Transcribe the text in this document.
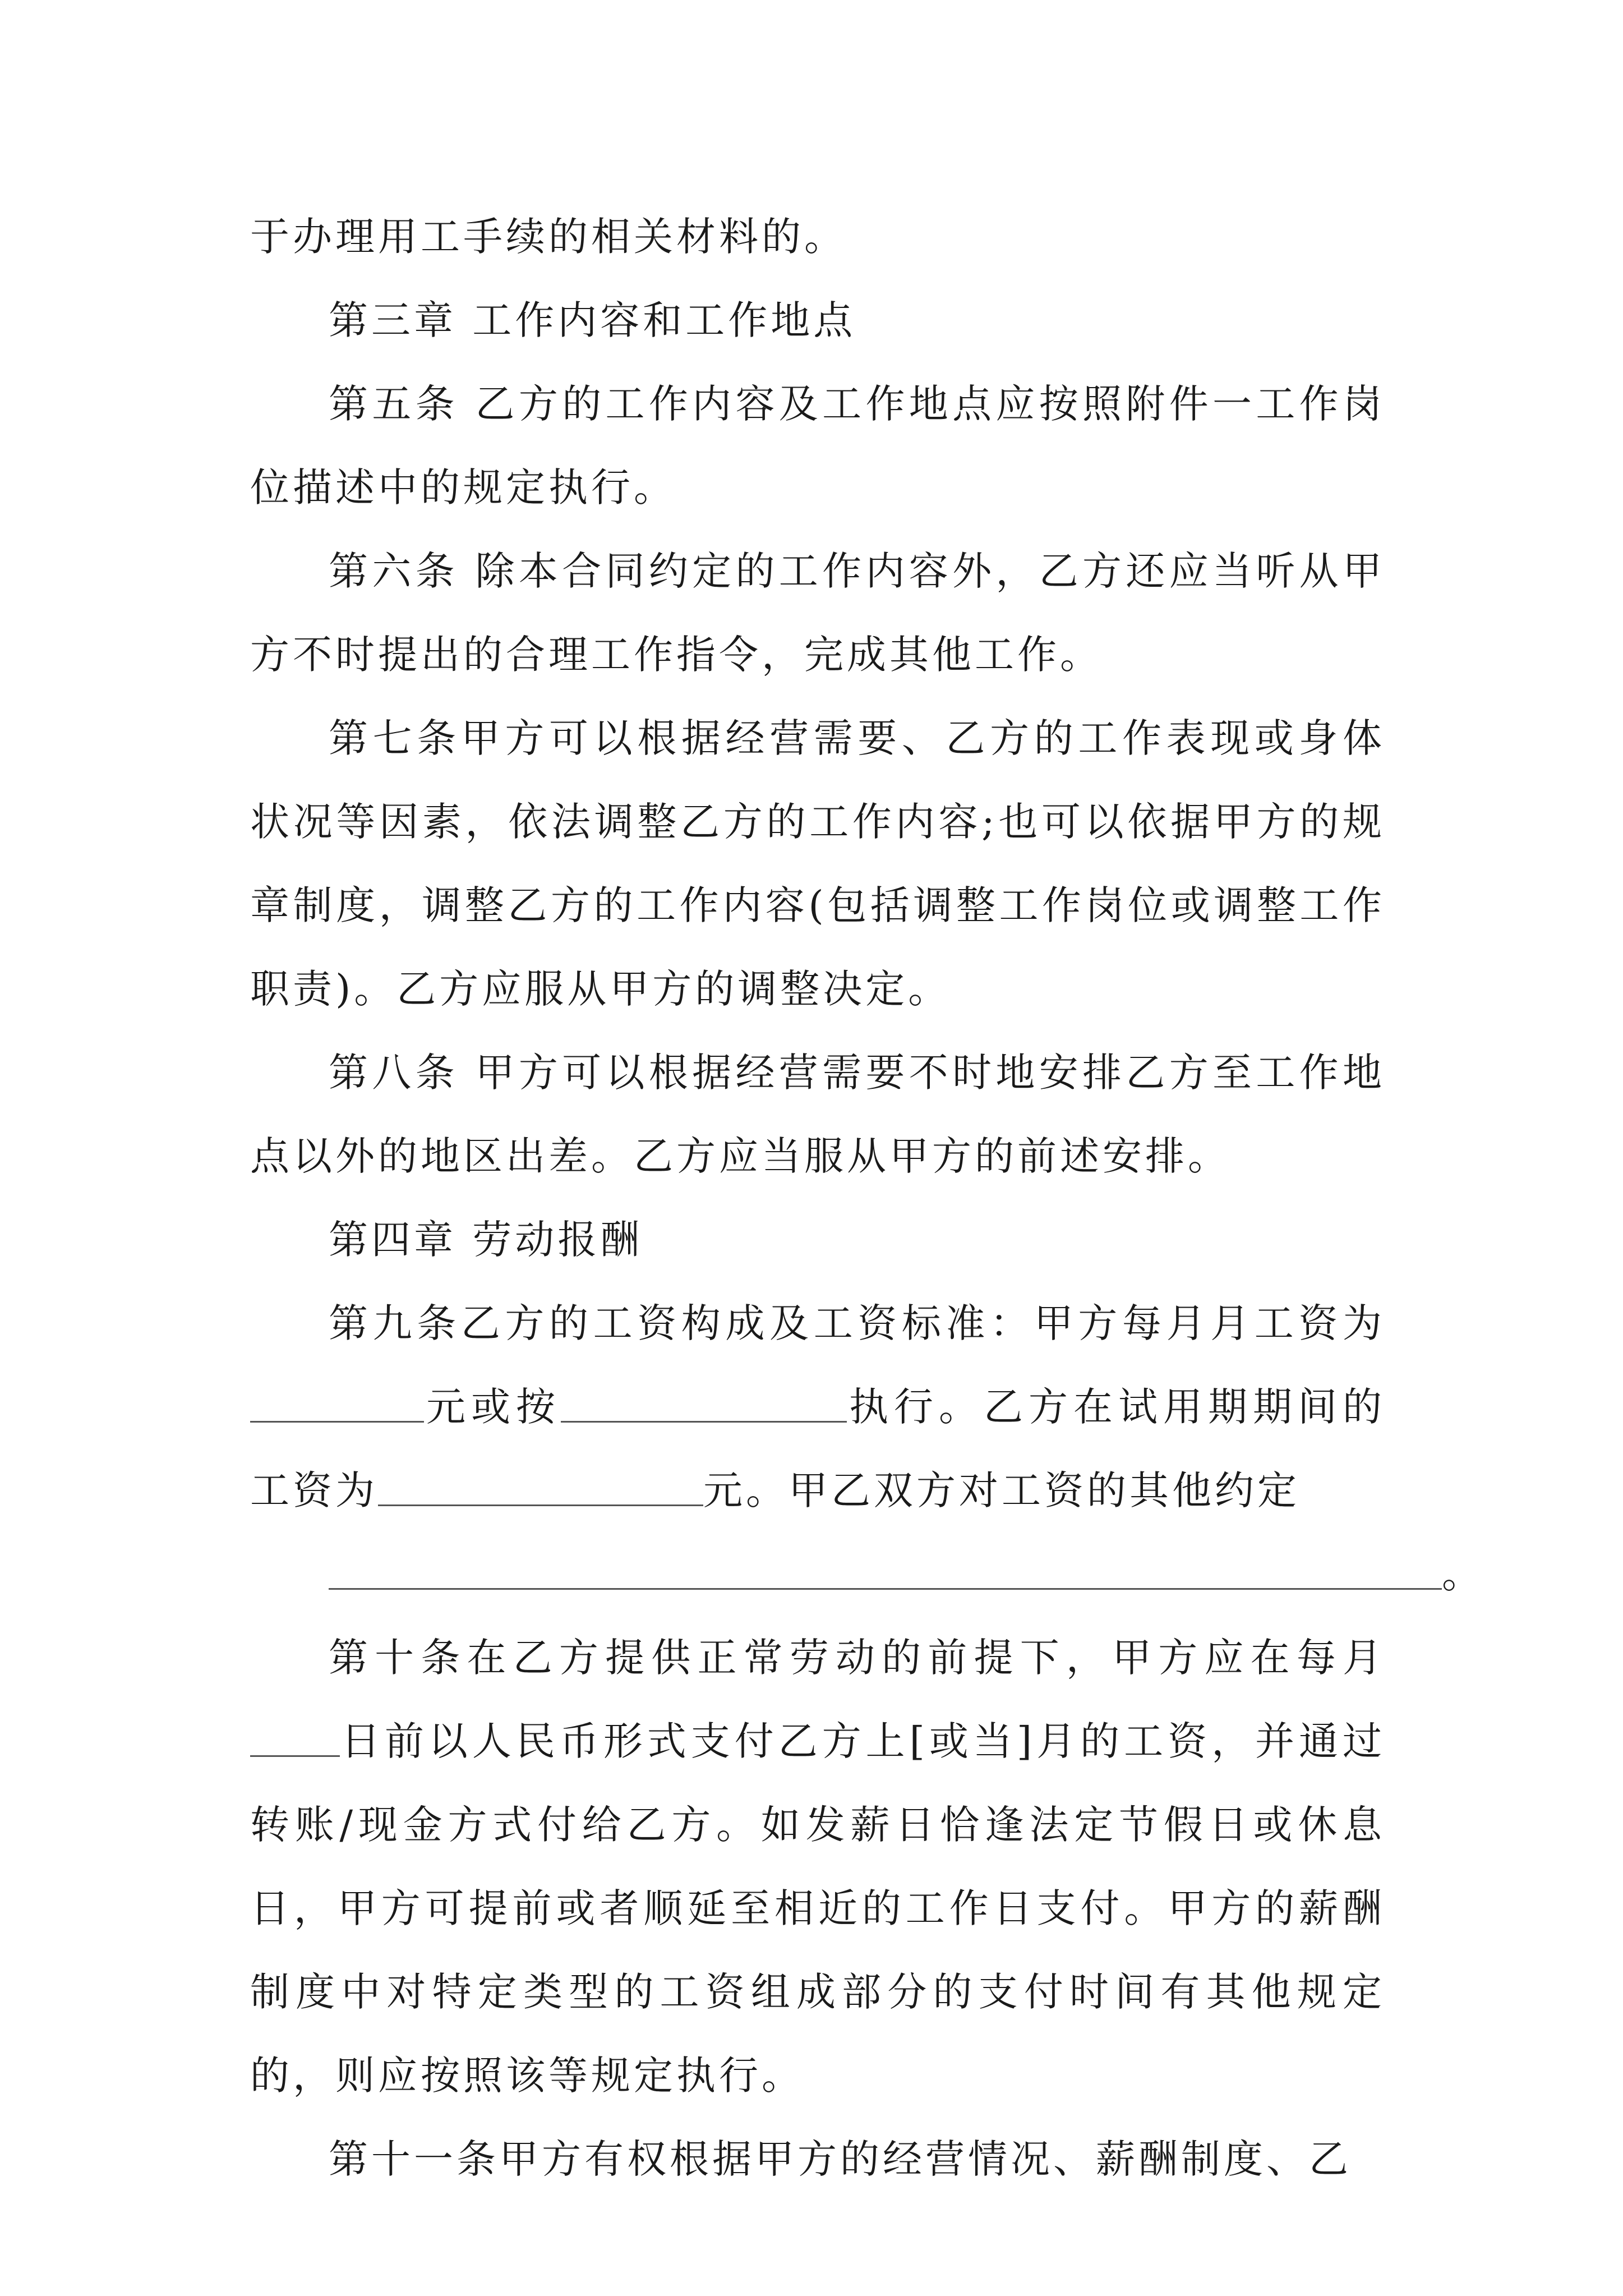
于办理用工手续的相关材料的。

第三章 工作内容和工作地点

第五条 乙方的工作内容及工作地点应按照附件一工作岗位描述中的规定执行。

第六条 除本合同约定的工作内容外，乙方还应当听从甲方不时提出的合理工作指令，完成其他工作。

第七条甲方可以根据经营需要、乙方的工作表现或身体状况等因素，依法调整乙方的工作内容;也可以依据甲方的规章制度，调整乙方的工作内容(包括调整工作岗位或调整工作职责)。乙方应服从甲方的调整决定。

第八条 甲方可以根据经营需要不时地安排乙方至工作地点以外的地区出差。乙方应当服从甲方的前述安排。

第四章 劳动报酬

第九条乙方的工资构成及工资标准：甲方每月月工资为元或按	执行。乙方在试用期期间的工资为	元。甲乙双方对工资的其他约定
。

第十条在乙方提供正常劳动的前提下，甲方应在每月日前以人民币形式支付乙方上[或当]月的工资，并通过转账/现金方式付给乙方。如发薪日恰逢法定节假日或休息日，甲方可提前或者顺延至相近的工作日支付。甲方的薪酬制度中对特定类型的工资组成部分的支付时间有其他规定的，则应按照该等规定执行。

第十一条甲方有权根据甲方的经营情况、薪酬制度、乙
